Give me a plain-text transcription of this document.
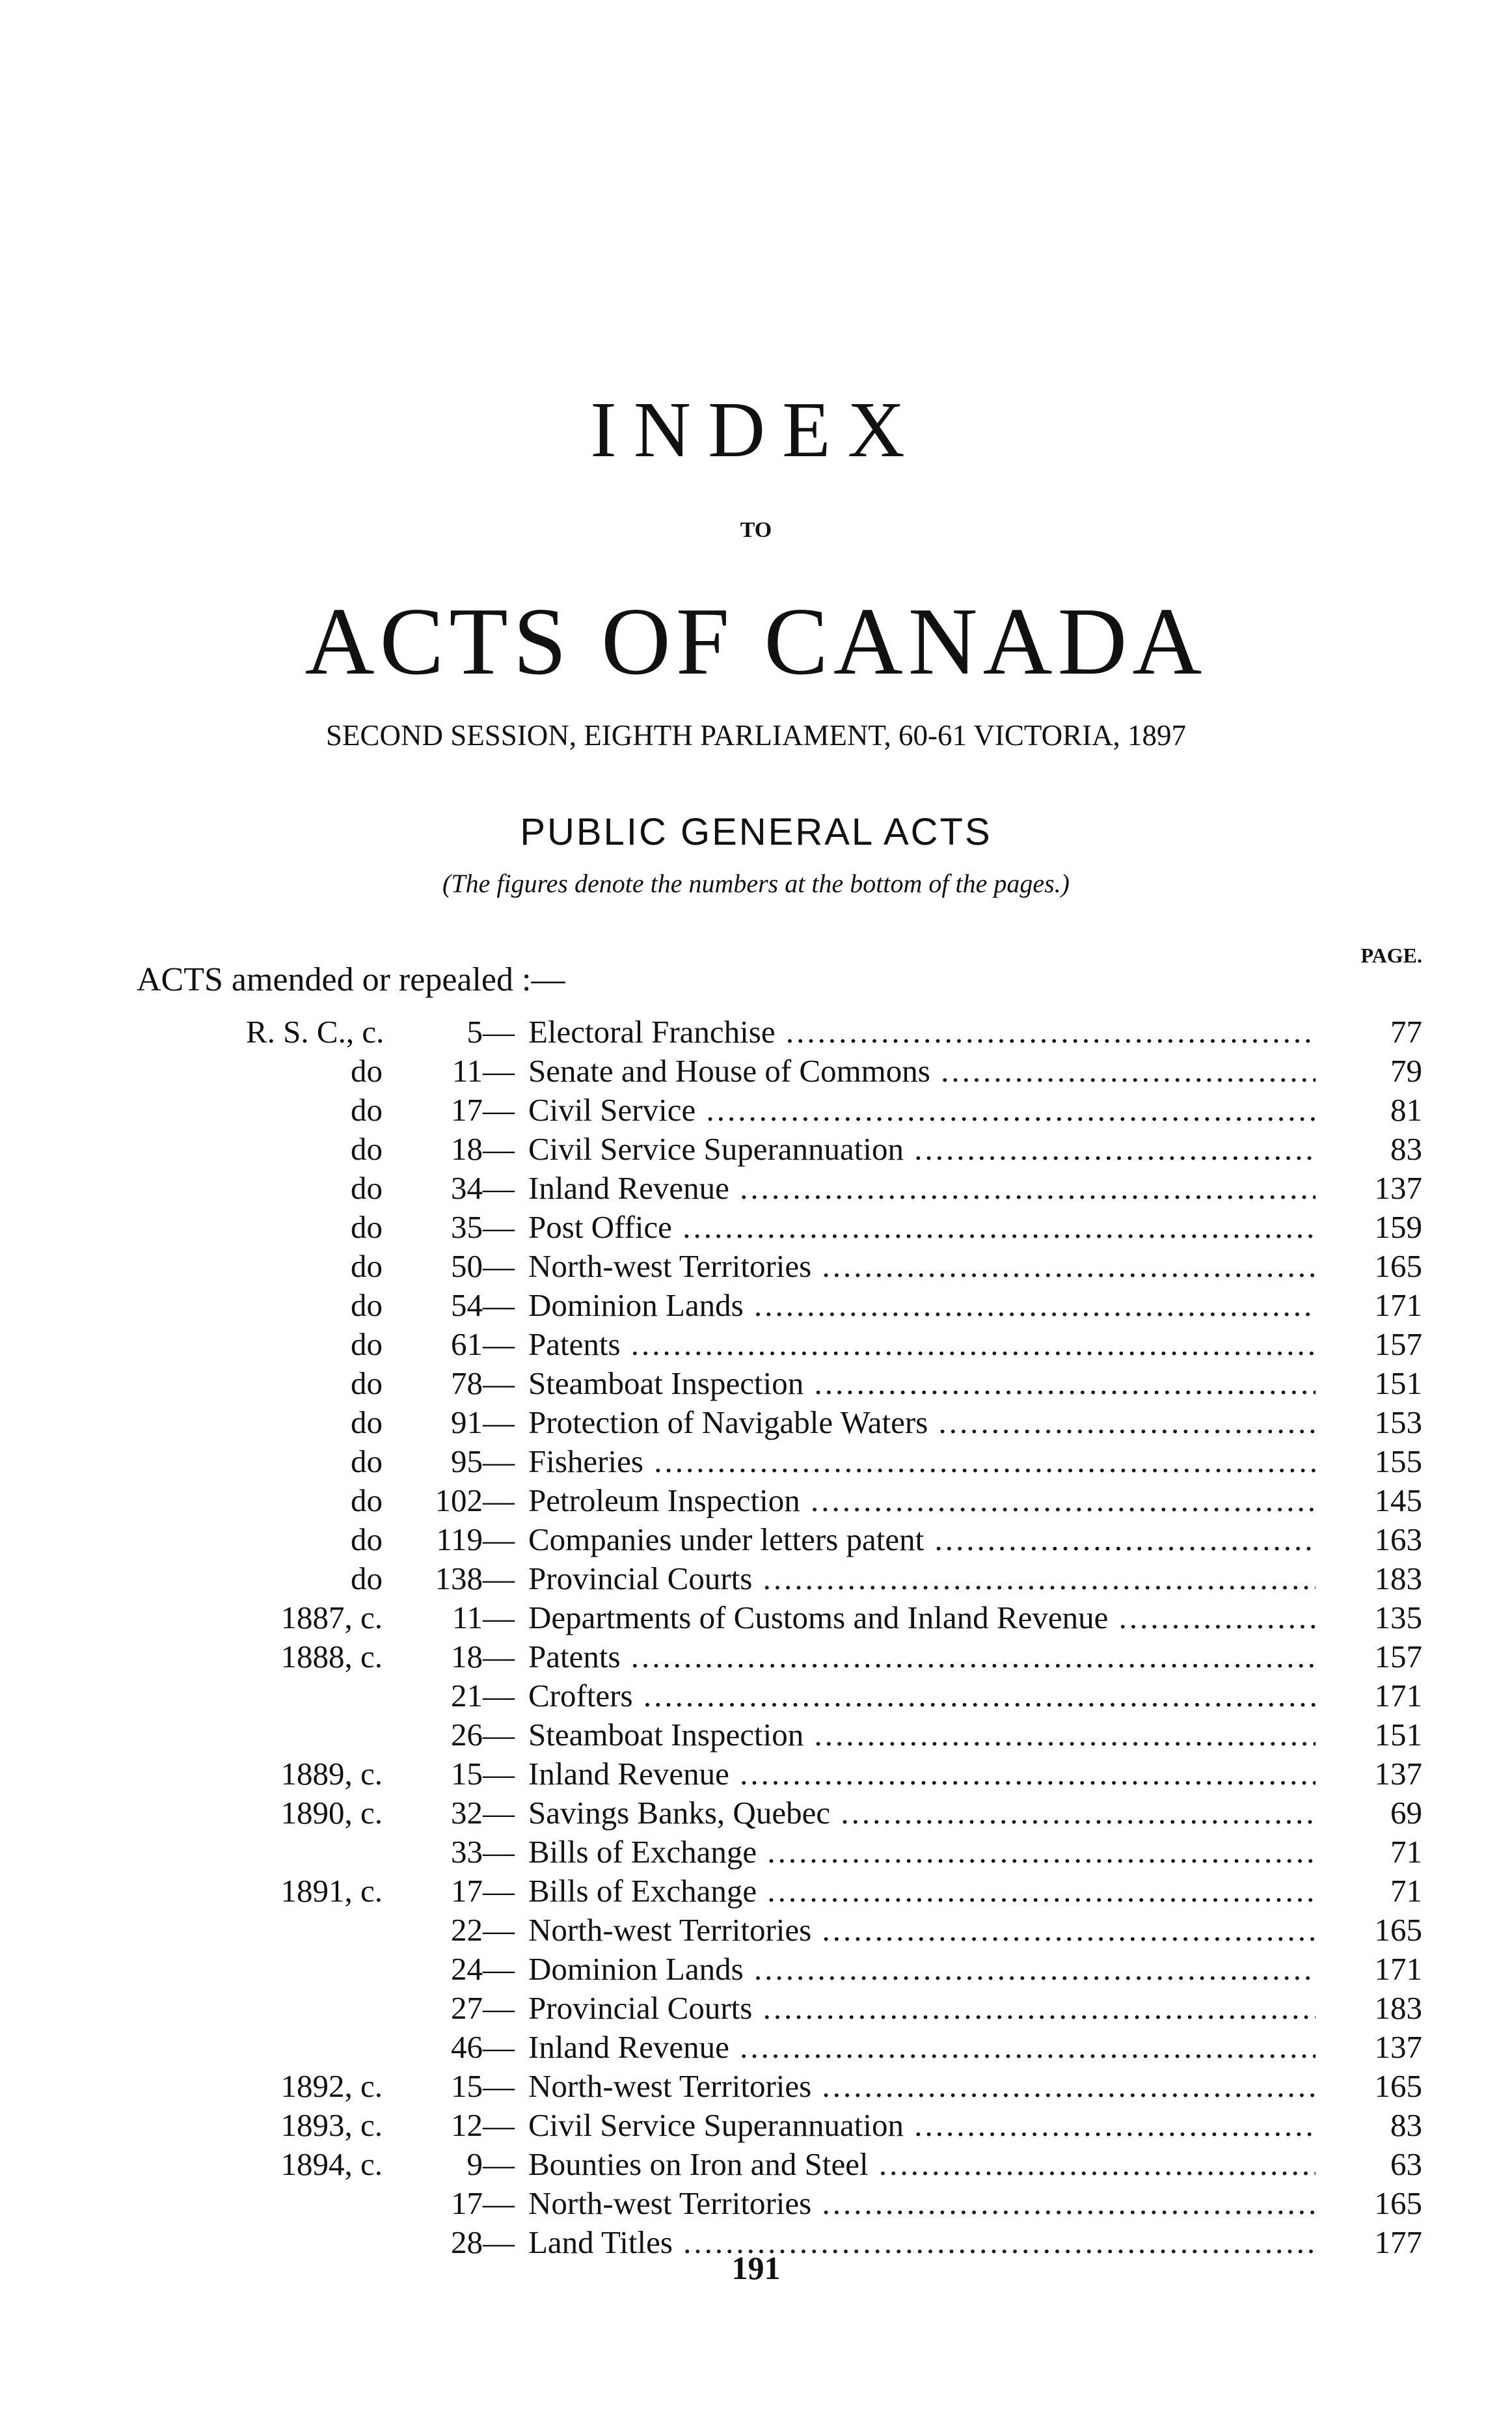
INDEX
TO
ACTS OF CANADA
SECOND SESSION, EIGHTH PARLIAMENT, 60-61 VICTORIA, 1897
PUBLIC GENERAL ACTS
(The figures denote the numbers at the bottom of the pages.)
PAGE.
ACTS amended or repealed :—
R. S. C., c.	5 — Electoral Franchise .....	77
do	11 — Senate and House of Commons .....	79
do	17 — Civil Service .....	81
do	18 — Civil Service Superannuation .....	83
do	34 — Inland Revenue .....	137
do	35 — Post Office .....	159
do	50 — North-west Territories .....	165
do	54 — Dominion Lands .....	171
do	61 — Patents .....	157
do	78 — Steamboat Inspection .....	151
do	91 — Protection of Navigable Waters .....	153
do	95 — Fisheries .....	155
do	102 — Petroleum Inspection .....	145
do	119 — Companies under letters patent .....	163
do	138 — Provincial Courts .....	183
1887, c.	11 — Departments of Customs and Inland Revenue .....	135
1888, c.	18 — Patents .....	157
21 — Crofters .....	171
26 — Steamboat Inspection .....	151
1889, c.	15 — Inland Revenue .....	137
1890, c.	32 — Savings Banks, Quebec .....	69
33 — Bills of Exchange .....	71
1891, c.	17 — Bills of Exchange .....	71
22 — North-west Territories .....	165
24 — Dominion Lands .....	171
27 — Provincial Courts .....	183
46 — Inland Revenue .....	137
1892, c.	15 — North-west Territories .....	165
1893, c.	12 — Civil Service Superannuation .....	83
1894, c.	9 — Bounties on Iron and Steel .....	63
17 — North-west Territories .....	165
28 — Land Titles .....	177
191
